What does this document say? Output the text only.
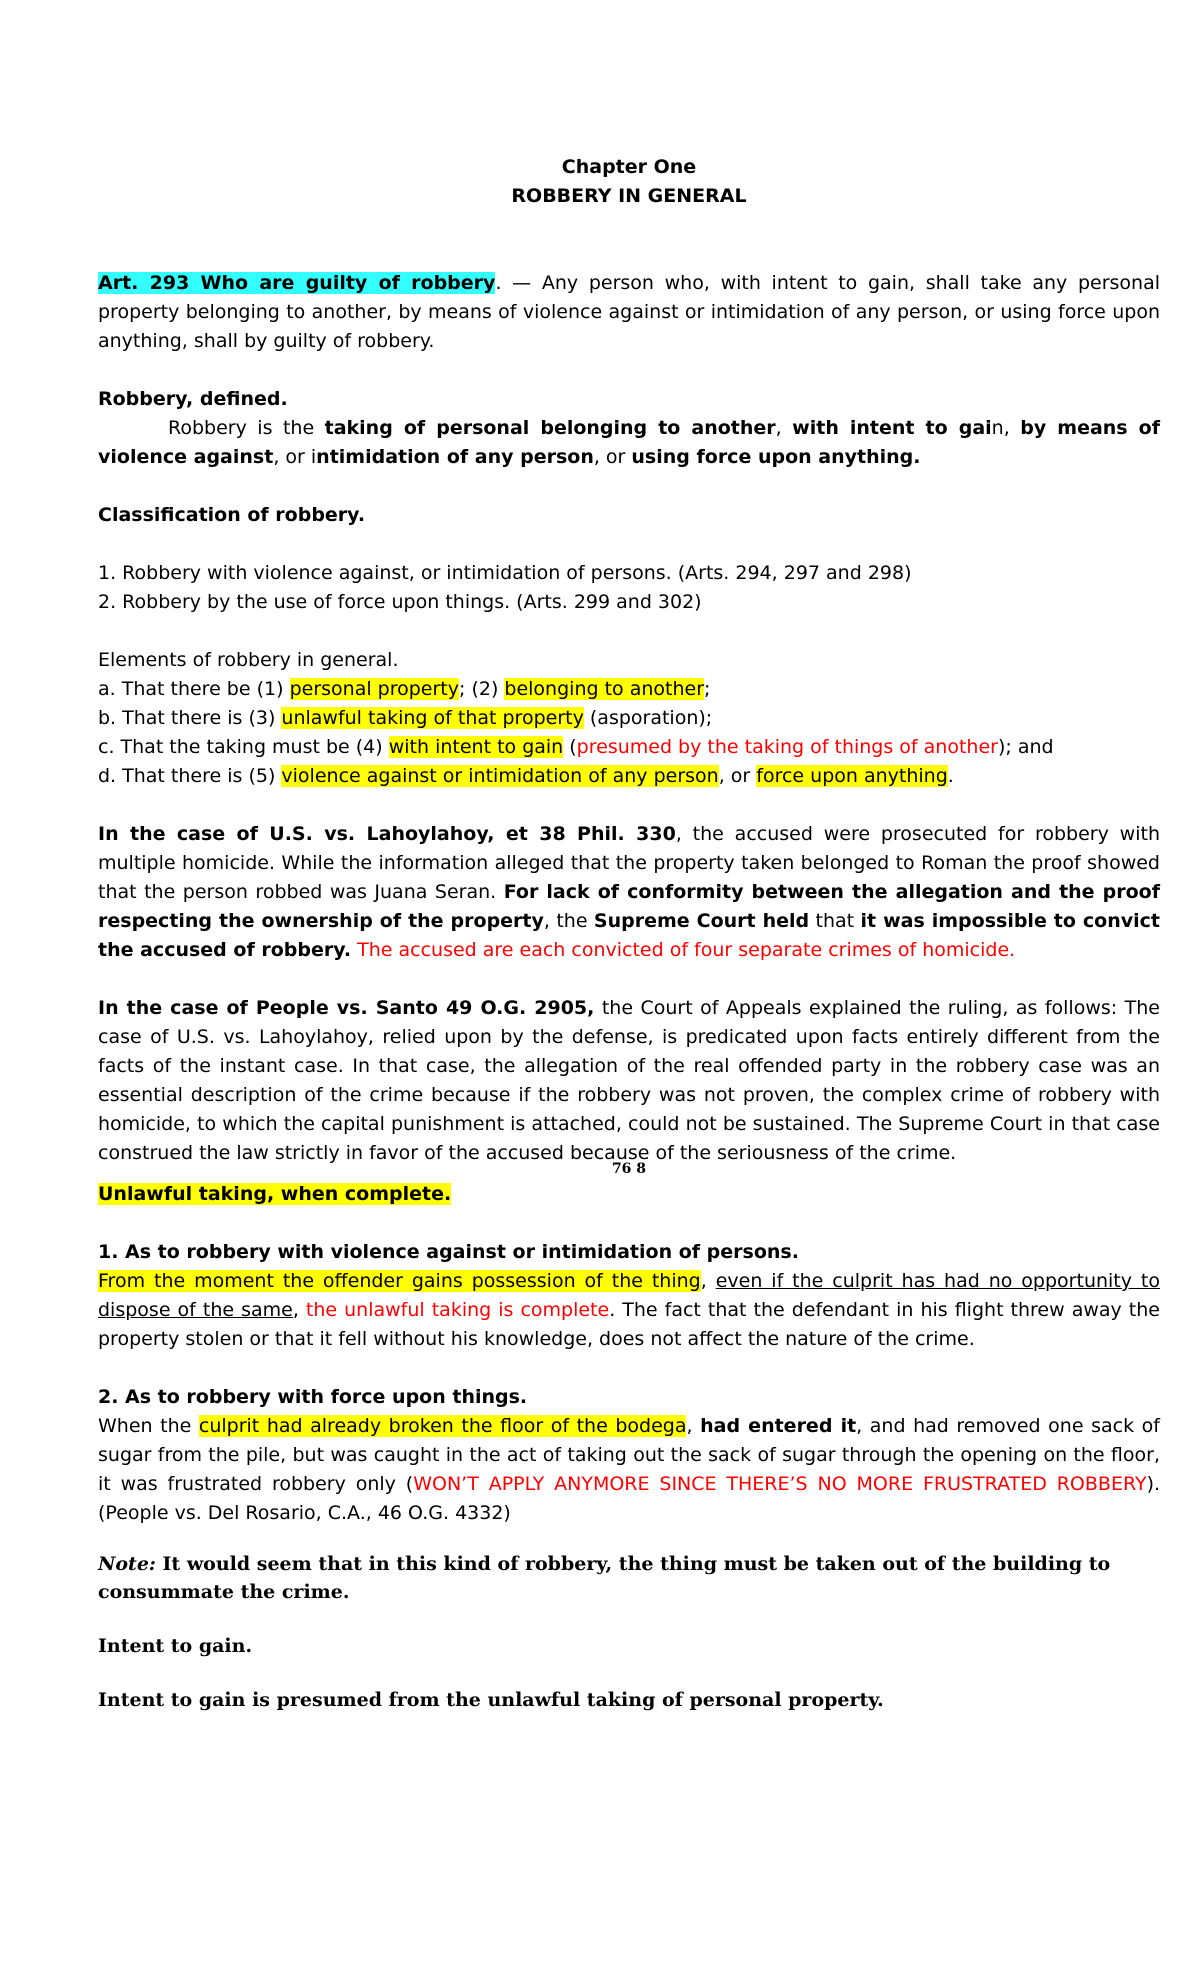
Chapter One

ROBBERY IN GENERAL

Art. 293 Who are guilty of robbery. — Any person who, with intent to gain, shall take any personal property belonging to another, by means of violence against or intimidation of any person, or using force upon anything, shall by guilty of robbery.

Robbery, defined.

Robbery is the taking of personal belonging to another, with intent to gain, by means of violence against, or intimidation of any person, or using force upon anything.

Classification of robbery.

1. Robbery with violence against, or intimidation of persons. (Arts. 294, 297 and 298)

2. Robbery by the use of force upon things. (Arts. 299 and 302)

Elements of robbery in general.

a. That there be (1) personal property; (2) belonging to another;

b. That there is (3) unlawful taking of that property (asporation);

c. That the taking must be (4) with intent to gain (presumed by the taking of things of another); and

d. That there is (5) violence against or intimidation of any person, or force upon anything.

In the case of U.S. vs. Lahoylahoy, et 38 Phil. 330, the accused were prosecuted for robbery with multiple homicide. While the information alleged that the property taken belonged to Roman the proof showed that the person robbed was Juana Seran. For lack of conformity between the allegation and the proof respecting the ownership of the property, the Supreme Court held that it was impossible to convict the accused of robbery. The accused are each convicted of four separate crimes of homicide.

In the case of People vs. Santo 49 O.G. 2905, the Court of Appeals explained the ruling, as follows: The case of U.S. vs. Lahoylahoy, relied upon by the defense, is predicated upon facts entirely different from the facts of the instant case. In that case, the allegation of the real offended party in the robbery case was an essential description of the crime because if the robbery was not proven, the complex crime of robbery with homicide, to which the capital punishment is attached, could not be sustained. The Supreme Court in that case construed the law strictly in favor of the accused because of the seriousness of the crime.

76 8

Unlawful taking, when complete.

1. As to robbery with violence against or intimidation of persons.

From the moment the offender gains possession of the thing, even if the culprit has had no opportunity to dispose of the same, the unlawful taking is complete. The fact that the defendant in his flight threw away the property stolen or that it fell without his knowledge, does not affect the nature of the crime.

2. As to robbery with force upon things.

When the culprit had already broken the floor of the bodega, had entered it, and had removed one sack of sugar from the pile, but was caught in the act of taking out the sack of sugar through the opening on the floor, it was frustrated robbery only (WON’T APPLY ANYMORE SINCE THERE’S NO MORE FRUSTRATED ROBBERY). (People vs. Del Rosario, C.A., 46 O.G. 4332)

Note: It would seem that in this kind of robbery, the thing must be taken out of the building to consummate the crime.

Intent to gain.

Intent to gain is presumed from the unlawful taking of personal property.
